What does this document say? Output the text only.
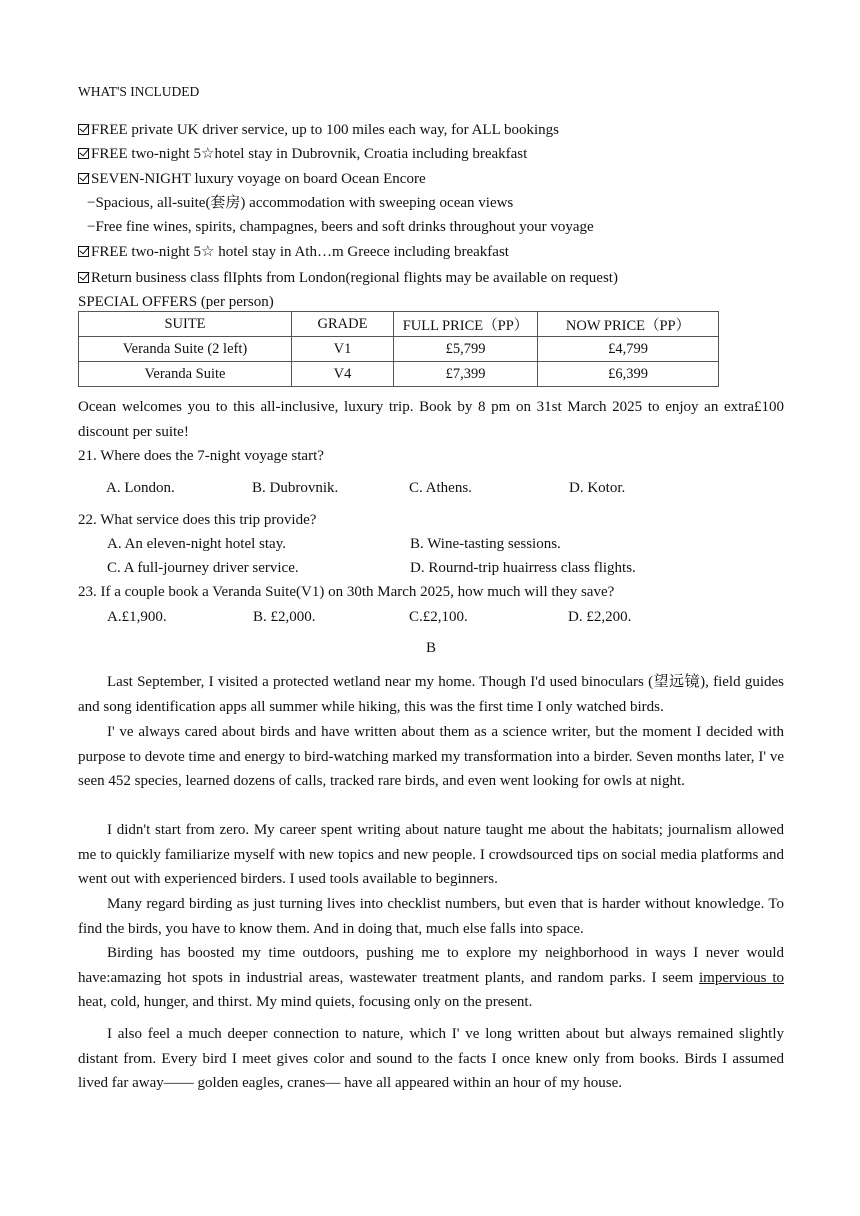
WHAT'S INCLUDED
FREE private UK driver service, up to 100 miles each way, for ALL bookings
FREE two-night 5☆hotel stay in Dubrovnik, Croatia including breakfast
SEVEN-NIGHT luxury voyage on board Ocean Encore
−Spacious, all-suite(套房) accommodation with sweeping ocean views
−Free fine wines, spirits, champagnes, beers and soft drinks throughout your voyage
FREE two-night 5☆ hotel stay in Ath…m Greece including breakfast
Return business class flIphts from London(regional flights may be available on request)
SPECIAL OFFERS (per person)
SUITE	GRADE	FULL PRICE（PP）	NOW PRICE（PP）
Veranda Suite (2 left)	V1	£5,799	£4,799
Veranda Suite	V4	£7,399	£6,399
Ocean welcomes you to this all-inclusive, luxury trip. Book by 8 pm on 31st March 2025 to enjoy an extra£100 discount per suite!
21. Where does the 7-night voyage start?
A. London.	B. Dubrovnik.	C. Athens.	D. Kotor.
22. What service does this trip provide?
A. An eleven-night hotel stay.	B. Wine-tasting sessions.
C. A full-journey driver service.	D. Rournd-trip huairress class flights.
23. If a couple book a Veranda Suite(V1) on 30th March 2025, how much will they save?
A.£1,900.	B. £2,000.	C.£2,100.	D. £2,200.
B
Last September, I visited a protected wetland near my home. Though I'd used binoculars (望远镜), field guides and song identification apps all summer while hiking, this was the first time I only watched birds.
I' ve always cared about birds and have written about them as a science writer, but the moment I decided with purpose to devote time and energy to bird-watching marked my transformation into a birder. Seven months later, I' ve seen 452 species, learned dozens of calls, tracked rare birds, and even went looking for owls at night.
I didn't start from zero. My career spent writing about nature taught me about the habitats; journalism allowed me to quickly familiarize myself with new topics and new people. I crowdsourced tips on social media platforms and went out with experienced birders. I used tools available to beginners.
Many regard birding as just turning lives into checklist numbers, but even that is harder without knowledge. To find the birds, you have to know them. And in doing that, much else falls into space.
Birding has boosted my time outdoors, pushing me to explore my neighborhood in ways I never would have:amazing hot spots in industrial areas, wastewater treatment plants, and random parks. I seem impervious to heat, cold, hunger, and thirst. My mind quiets, focusing only on the present.
I also feel a much deeper connection to nature, which I' ve long written about but always remained slightly distant from. Every bird I meet gives color and sound to the facts I once knew only from books. Birds I assumed lived far away—— golden eagles, cranes— have all appeared within an hour of my house.
